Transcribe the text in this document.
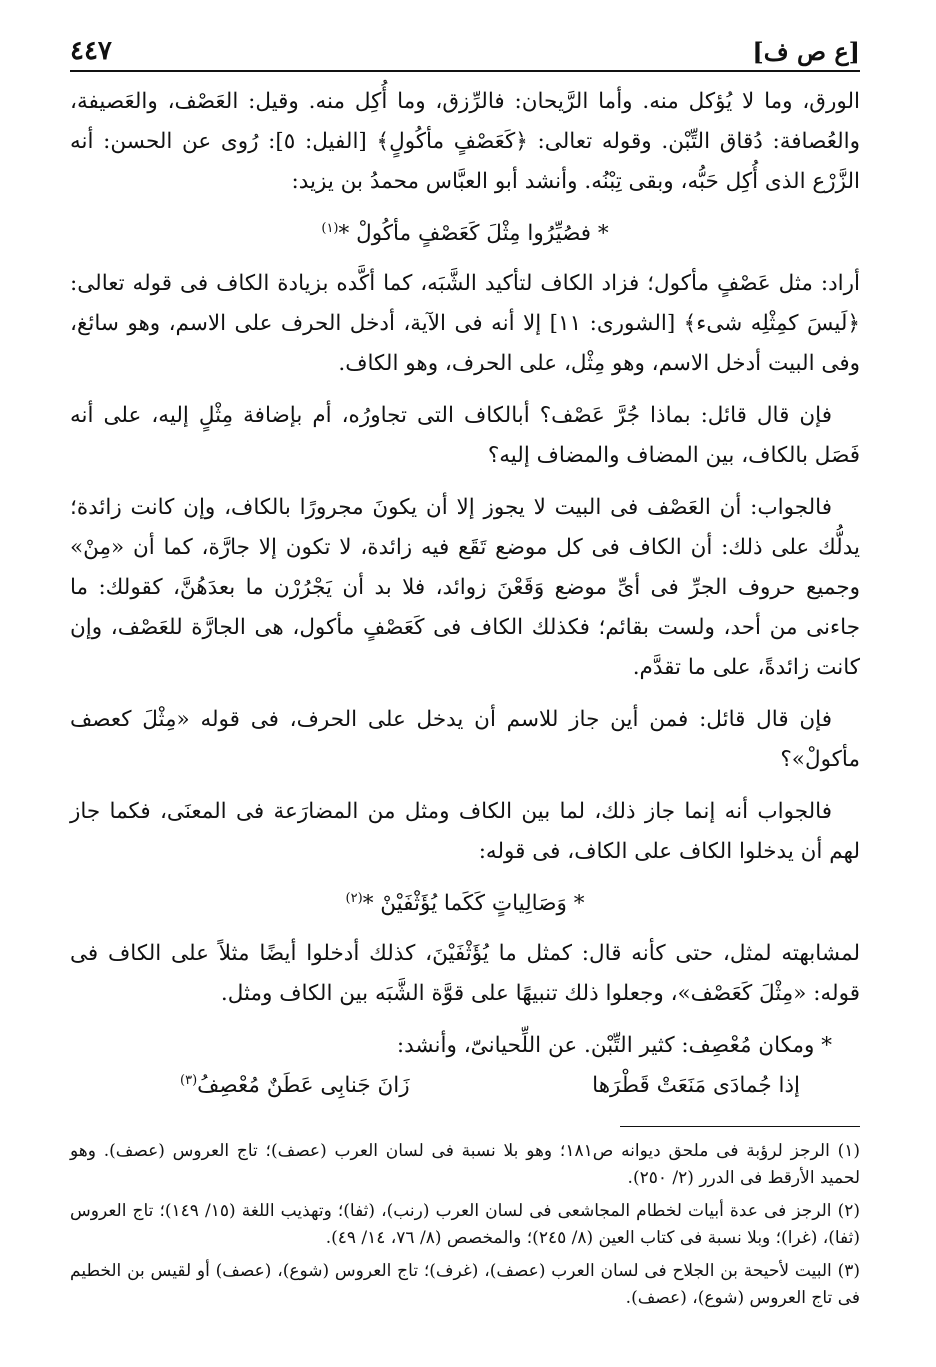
[ع ص ف]
٤٤٧

الورق، وما لا يُؤكل منه. وأما الرَّيحان: فالرِّزق، وما أُكِل منه. وقيل: العَصْف، والعَصيفة، والعُصافة: دُقاق التِّبْن. وقوله تعالى: ﴿كَعَصْفٍ مأكُولٍ﴾ [الفيل: ٥]: رُوى عن الحسن: أنه الزَّرْع الذى أُكِل حَبُّه، وبقى تِبْنُه. وأنشد أبو العبَّاس محمدُ بن يزيد:

* فصُيِّرُوا مِثْلَ كَعَصْفٍ مأكُولْ *$^{(١)}$

أراد: مثل عَصْفٍ مأكول؛ فزاد الكاف لتأكيد الشَّبَه، كما أكَّده بزيادة الكاف فى قوله تعالى: ﴿لَيسَ كمِثْلِه شىء﴾ [الشورى: ١١] إلا أنه فى الآية، أدخل الحرف على الاسم، وهو سائغ، وفى البيت أدخل الاسم، وهو مِثْل، على الحرف، وهو الكاف.

فإن قال قائل: بماذا جُرَّ عَصْف؟ أبالكاف التى تجاورُه، أم بإضافة مِثْلٍ إليه، على أنه فَصَل بالكاف، بين المضاف والمضاف إليه؟

فالجواب: أن العَصْف فى البيت لا يجوز إلا أن يكونَ مجرورًا بالكاف، وإن كانت زائدة؛ يدلُّك على ذلك: أن الكاف فى كل موضع تَقَع فيه زائدة، لا تكون إلا جارَّة، كما أن «مِنْ» وجميع حروف الجرِّ فى أىِّ موضع وَقَعْنَ زوائد، فلا بد أن يَجْرُرْن ما بعدَهُنَّ، كقولك: ما جاءنى من أحد، ولست بقائم؛ فكذلك الكاف فى كَعَصْفٍ مأكول، هى الجارَّة للعَصْف، وإن كانت زائدةً، على ما تقدَّم.

فإن قال قائل: فمن أين جاز للاسم أن يدخل على الحرف، فى قوله «مِثْلَ كعصف مأكولْ»؟

فالجواب أنه إنما جاز ذلك، لما بين الكاف ومثل من المضارَعة فى المعنَى، فكما جاز لهم أن يدخلوا الكاف على الكاف، فى قوله:

* وَصَالِياتٍ كَكَما يُؤَثْفَيْنْ *$^{(٢)}$

لمشابهته لمثل، حتى كأنه قال: كمثل ما يُؤَثْفَيْنَ، كذلك أدخلوا أيضًا مثلاً على الكاف فى قوله: «مِثْلَ كَعَصْف»، وجعلوا ذلك تنبيهًا على قوَّة الشَّبَه بين الكاف ومثل.

* ومكان مُعْصِف: كثير التِّبْن. عن اللِّحيانىّ، وأنشد:

إذا جُمادَى مَنَعَتْ قَطْرَها
زَانَ جَنابِى عَطَنٌ مُعْصِفُ$^{(٣)}$

(١) الرجز لرؤبة فى ملحق ديوانه ص١٨١؛ وهو بلا نسبة فى لسان العرب (عصف)؛ تاج العروس (عصف). وهو لحميد الأرقط فى الدرر (٢/ ٢٥٠).

(٢) الرجز فى عدة أبيات لخطام المجاشعى فى لسان العرب (رنب)، (ثفا)؛ وتهذيب اللغة (١٥/ ١٤٩)؛ تاج العروس (ثفا)، (غرا)؛ وبلا نسبة فى كتاب العين (٨/ ٢٤٥)؛ والمخصص (٨/ ٧٦، ١٤/ ٤٩).

(٣) البيت لأحيحة بن الجلاح فى لسان العرب (عصف)، (غرف)؛ تاج العروس (شوع)، (عصف) أو لقيس بن الخطيم فى تاج العروس (شوع)، (عصف).
